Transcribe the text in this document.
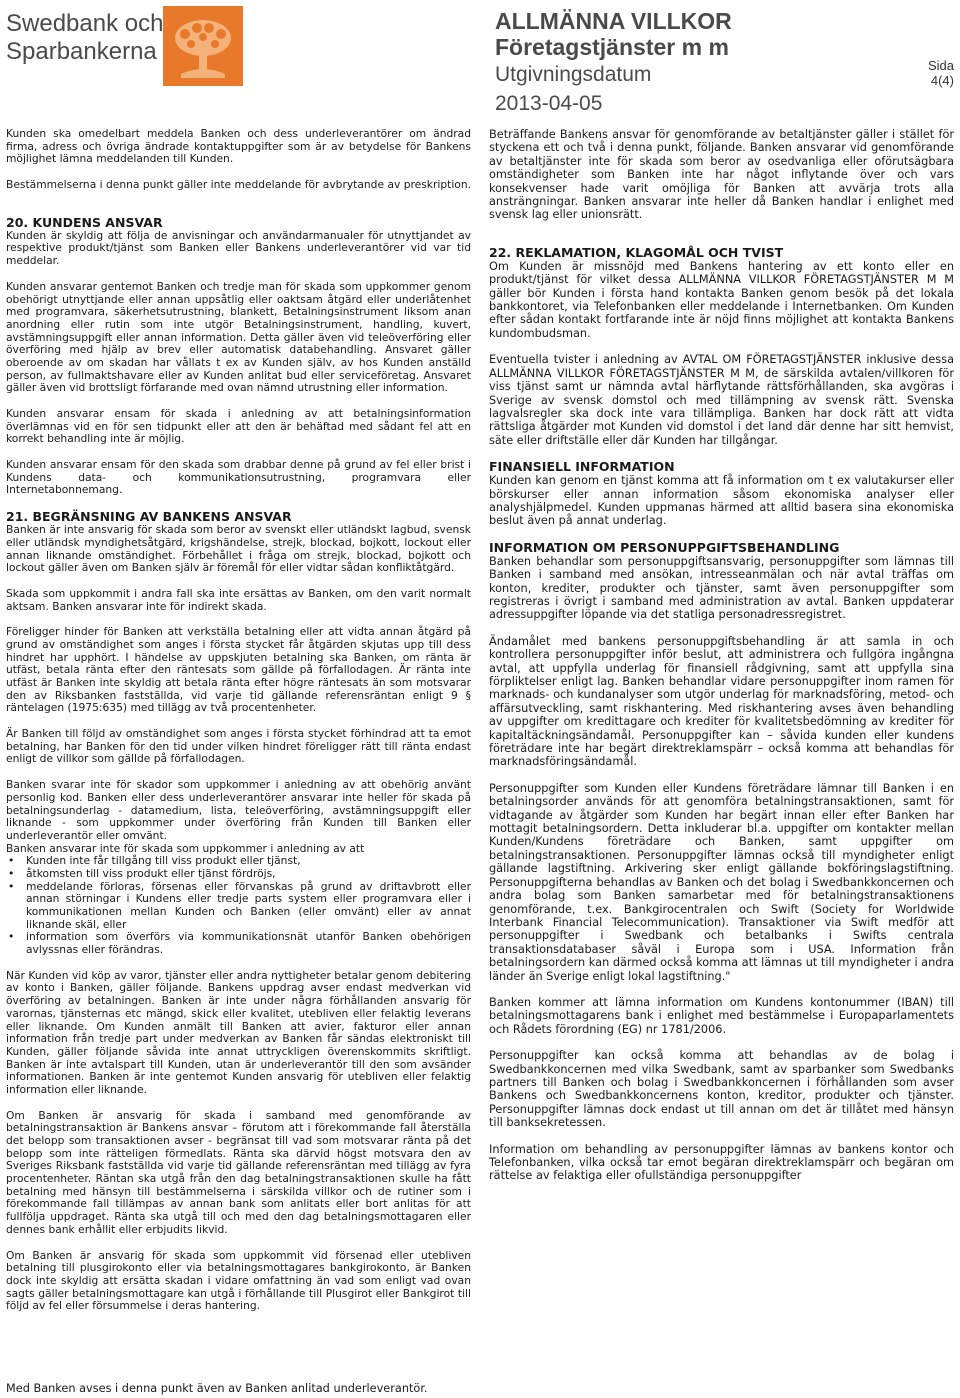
Swedbank och
Sparbankerna
ALLMÄNNA VILLKOR
Företagstjänster m m
Utgivningsdatum
2013-04-05
Sida
4(4)

Kunden ska omedelbart meddela Banken och dess underleverantörer om ändrad firma, adress och övriga ändrade kontaktuppgifter som är av betydelse för Bankens möjlighet lämna meddelanden till Kunden.

Bestämmelserna i denna punkt gäller inte meddelande för avbrytande av preskription.

20. KUNDENS ANSVAR

Kunden är skyldig att följa de anvisningar och användarmanualer för utnyttjandet av respektive produkt/tjänst som Banken eller Bankens underleverantörer vid var tid meddelar.

Kunden ansvarar gentemot Banken och tredje man för skada som uppkommer genom obehörigt utnyttjande eller annan uppsåtlig eller oaktsam åtgärd eller underlåtenhet med programvara, säkerhetsutrustning, blankett, Betalningsinstrument liksom anan anordning eller rutin som inte utgör Betalningsinstrument, handling, kuvert, avstämningsuppgift eller annan information. Detta gäller även vid teleöverföring eller överföring med hjälp av brev eller automatisk databehandling. Ansvaret gäller oberoende av om skadan har vållats t ex av Kunden själv, av hos Kunden anställd person, av fullmaktshavare eller av Kunden anlitat bud eller serviceföretag. Ansvaret gäller även vid brottsligt förfarande med ovan nämnd utrustning eller information.

Kunden ansvarar ensam för skada i anledning av att betalningsinformation överlämnas vid en för sen tidpunkt eller att den är behäftad med sådant fel att en korrekt behandling inte är möjlig.

Kunden ansvarar ensam för den skada som drabbar denne på grund av fel eller brist i Kundens data- och kommunikationsutrustning, programvara eller Internetabonnemang.

21. BEGRÄNSNING AV BANKENS ANSVAR

Banken är inte ansvarig för skada som beror av svenskt eller utländskt lagbud, svensk eller utländsk myndighetsåtgärd, krigshändelse, strejk, blockad, bojkott, lockout eller annan liknande omständighet. Förbehållet i fråga om strejk, blockad, bojkott och lockout gäller även om Banken själv är föremål för eller vidtar sådan konfliktåtgärd.

Skada som uppkommit i andra fall ska inte ersättas av Banken, om den varit normalt aktsam. Banken ansvarar inte för indirekt skada.

Föreligger hinder för Banken att verkställa betalning eller att vidta annan åtgärd på grund av omständighet som anges i första stycket får åtgärden skjutas upp till dess hindret har upphört. I händelse av uppskjuten betalning ska Banken, om ränta är utfäst, betala ränta efter den räntesats som gällde på förfallodagen. Är ränta inte utfäst är Banken inte skyldig att betala ränta efter högre räntesats än som motsvarar den av Riksbanken fastställda, vid varje tid gällande referensräntan enligt 9 § räntelagen (1975:635) med tillägg av två procentenheter.

Är Banken till följd av omständighet som anges i första stycket förhindrad att ta emot betalning, har Banken för den tid under vilken hindret föreligger rätt till ränta endast enligt de villkor som gällde på förfallodagen.

Banken svarar inte för skador som uppkommer i anledning av att obehörig använt personlig kod. Banken eller dess underleverantörer ansvarar inte heller för skada på betalningsunderlag - datamedium, lista, teleöverföring, avstämningsuppgift eller liknande - som uppkommer under överföring från Kunden till Banken eller underleverantör eller omvänt.

Banken ansvarar inte för skada som uppkommer i anledning av att

• Kunden inte får tillgång till viss produkt eller tjänst,
• åtkomsten till viss produkt eller tjänst fördröjs,
• meddelande förloras, försenas eller förvanskas på grund av driftavbrott eller annan störningar i Kundens eller tredje parts system eller programvara eller i kommunikationen mellan Kunden och Banken (eller omvänt) eller av annat liknande skäl, eller
• information som överförs via kommunikationsnät utanför Banken obehörigen avlyssnas eller förändras.

När Kunden vid köp av varor, tjänster eller andra nyttigheter betalar genom debitering av konto i Banken, gäller följande. Bankens uppdrag avser endast medverkan vid överföring av betalningen. Banken är inte under några förhållanden ansvarig för varornas, tjänsternas etc mängd, skick eller kvalitet, utebliven eller felaktig leverans eller liknande. Om Kunden anmält till Banken att avier, fakturor eller annan information från tredje part under medverkan av Banken får sändas elektroniskt till Kunden, gäller följande såvida inte annat uttryckligen överenskommits skriftligt. Banken är inte avtalspart till Kunden, utan är underleverantör till den som avsänder informationen. Banken är inte gentemot Kunden ansvarig för utebliven eller felaktig information eller liknande.

Om Banken är ansvarig för skada i samband med genomförande av betalningstransaktion är Bankens ansvar – förutom att i förekommande fall återställa det belopp som transaktionen avser - begränsat till vad som motsvarar ränta på det belopp som inte rätteligen förmedlats. Ränta ska därvid högst motsvara den av Sveriges Riksbank fastställda vid varje tid gällande referensräntan med tillägg av fyra procentenheter. Räntan ska utgå från den dag betalningstransaktionen skulle ha fått betalning med hänsyn till bestämmelserna i särskilda villkor och de rutiner som i förekommande fall tillämpas av annan bank som anlitats eller bort anlitas för att fullfölja uppdraget. Ränta ska utgå till och med den dag betalningsmottagaren eller dennes bank erhållit eller erbjudits likvid.

Om Banken är ansvarig för skada som uppkommit vid försenad eller utebliven betalning till plusgirokonto eller via betalningsmottagares bankgirokonto, är Banken dock inte skyldig att ersätta skadan i vidare omfattning än vad som enligt vad ovan sagts gäller betalningsmottagare kan utgå i förhållande till Plusgirot eller Bankgirot till följd av fel eller försummelse i deras hantering.

Beträffande Bankens ansvar för genomförande av betaltjänster gäller i stället för styckena ett och två i denna punkt, följande. Banken ansvarar vid genomförande av betaltjänster inte för skada som beror av osedvanliga eller oförutsägbara omständigheter som Banken inte har något inflytande över och vars konsekvenser hade varit omöjliga för Banken att avvärja trots alla ansträngningar. Banken ansvarar inte heller då Banken handlar i enlighet med svensk lag eller unionsrätt.

22. REKLAMATION, KLAGOMÅL OCH TVIST

Om Kunden är missnöjd med Bankens hantering av ett konto eller en produkt/tjänst för vilket dessa ALLMÄNNA VILLKOR FÖRETAGSTJÄNSTER M M gäller bör Kunden i första hand kontakta Banken genom besök på det lokala bankkontoret, via Telefonbanken eller meddelande i Internetbanken. Om Kunden efter sådan kontakt fortfarande inte är nöjd finns möjlighet att kontakta Bankens kundombudsman.

Eventuella tvister i anledning av AVTAL OM FÖRETAGSTJÄNSTER inklusive dessa ALLMÄNNA VILLKOR FÖRETAGSTJÄNSTER M M, de särskilda avtalen/villkoren för viss tjänst samt ur nämnda avtal härflytande rättsförhållanden, ska avgöras i Sverige av svensk domstol och med tillämpning av svensk rätt. Svenska lagvalsregler ska dock inte vara tillämpliga. Banken har dock rätt att vidta rättsliga åtgärder mot Kunden vid domstol i det land där denne har sitt hemvist, säte eller driftställe eller där Kunden har tillgångar.

FINANSIELL INFORMATION

Kunden kan genom en tjänst komma att få information om t ex valutakurser eller börskurser eller annan information såsom ekonomiska analyser eller analyshjälpmedel. Kunden uppmanas härmed att alltid basera sina ekonomiska beslut även på annat underlag.

INFORMATION OM PERSONUPPGIFTSBEHANDLING

Banken behandlar som personuppgiftsansvarig, personuppgifter som lämnas till Banken i samband med ansökan, intresseanmälan och när avtal träffas om konton, krediter, produkter och tjänster, samt även personuppgifter som registreras i övrigt i samband med administration av avtal. Banken uppdaterar adressuppgifter löpande via det statliga personadressregistret.

Ändamålet med bankens personuppgiftsbehandling är att samla in och kontrollera personuppgifter inför beslut, att administrera och fullgöra ingångna avtal, att uppfylla underlag för finansiell rådgivning, samt att uppfylla sina förpliktelser enligt lag. Banken behandlar vidare personuppgifter inom ramen för marknads- och kundanalyser som utgör underlag för marknadsföring, metod- och affärsutveckling, samt riskhantering. Med riskhantering avses även behandling av uppgifter om kredittagare och krediter för kvalitetsbedömning av krediter för kapitaltäckningsändamål. Personuppgifter kan – såvida kunden eller kundens företrädare inte har begärt direktreklamspärr – också komma att behandlas för marknadsföringsändamål.

Personuppgifter som Kunden eller Kundens företrädare lämnar till Banken i en betalningsorder används för att genomföra betalningstransaktionen, samt för vidtagande av åtgärder som Kunden har begärt innan eller efter Banken har mottagit betalningsordern. Detta inkluderar bl.a. uppgifter om kontakter mellan Kunden/Kundens företrädare och Banken, samt uppgifter om betalningstransaktionen. Personuppgifter lämnas också till myndigheter enligt gällande lagstiftning. Arkivering sker enligt gällande bokföringslagstiftning. Personuppgifterna behandlas av Banken och det bolag i Swedbankkoncernen och andra bolag som Banken samarbetar med för betalningstransaktionens genomförande, t.ex. Bankgirocentralen och Swift (Society for Worldwide Interbank Financial Telecommunication). Transaktioner via Swift medför att personuppgifter i Swedbank och betalbanks i Swifts centrala transaktionsdatabaser såväl i Europa som i USA. Information från betalningsordern kan därmed också komma att lämnas ut till myndigheter i andra länder än Sverige enligt lokal lagstiftning."

Banken kommer att lämna information om Kundens kontonummer (IBAN) till betalningsmottagarens bank i enlighet med bestämmelse i Europaparlamentets och Rådets förordning (EG) nr 1781/2006.

Personuppgifter kan också komma att behandlas av de bolag i Swedbankkoncernen med vilka Swedbank, samt av sparbanker som Swedbanks partners till Banken och bolag i Swedbankkoncernen i förhållanden som avser Bankens och Swedbankkoncernens konton, kreditor, produkter och tjänster. Personuppgifter lämnas dock endast ut till annan om det är tillåtet med hänsyn till banksekretessen.

Information om behandling av personuppgifter lämnas av bankens kontor och Telefonbanken, vilka också tar emot begäran direktreklamspärr och begäran om rättelse av felaktiga eller ofullständiga personuppgifter

Med Banken avses i denna punkt även av Banken anlitad underleverantör.
